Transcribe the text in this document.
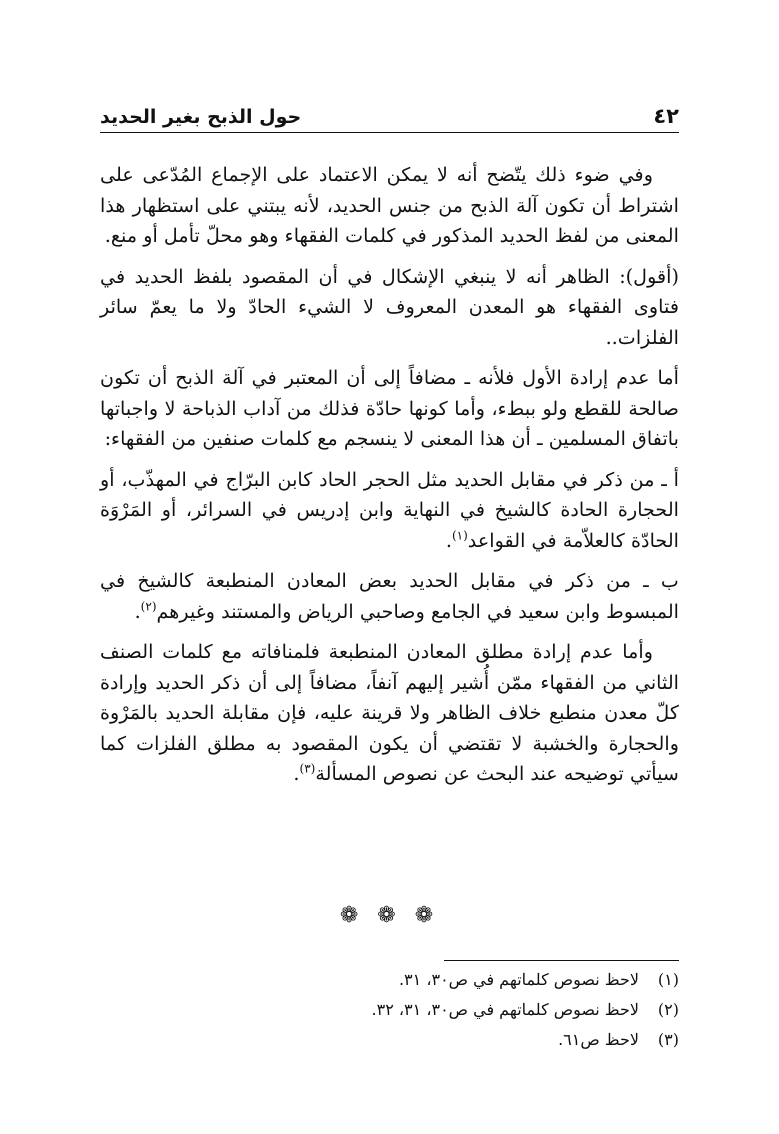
٤٢
حول الذبح بغير الحديد

وفي ضوء ذلك يتّضح أنه لا يمكن الاعتماد على الإجماع المُدّعى على اشتراط أن تكون آلة الذبح من جنس الحديد، لأنه يبتني على استظهار هذا المعنى من لفظ الحديد المذكور في كلمات الفقهاء وهو محلّ تأمل أو منع.

(أقول): الظاهر أنه لا ينبغي الإشكال في أن المقصود بلفظ الحديد في فتاوى الفقهاء هو المعدن المعروف لا الشيء الحادّ ولا ما يعمّ سائر الفلزات..

أما عدم إرادة الأول فلأنه ـ مضافاً إلى أن المعتبر في آلة الذبح أن تكون صالحة للقطع ولو ببطء، وأما كونها حادّة فذلك من آداب الذباحة لا واجباتها باتفاق المسلمين ـ أن هذا المعنى لا ينسجم مع كلمات صنفين من الفقهاء:

أ ـ من ذكر في مقابل الحديد مثل الحجر الحاد كابن البرّاج في المهذّب، أو الحجارة الحادة كالشيخ في النهاية وابن إدريس في السرائر، أو المَرْوَة الحادّة كالعلاّمة في القواعد$^{(١)}$.

ب ـ من ذكر في مقابل الحديد بعض المعادن المنطبعة كالشيخ في المبسوط وابن سعيد في الجامع وصاحبي الرياض والمستند وغيرهم$^{(٢)}$.

وأما عدم إرادة مطلق المعادن المنطبعة فلمنافاته مع كلمات الصنف الثاني من الفقهاء ممّن أُشير إليهم آنفاً، مضافاً إلى أن ذكر الحديد وإرادة كلّ معدن منطبع خلاف الظاهر ولا قرينة عليه، فإن مقابلة الحديد بالمَرْوة والحجارة والخشبة لا تقتضي أن يكون المقصود به مطلق الفلزات كما سيأتي توضيحه عند البحث عن نصوص المسألة$^{(٣)}$.

❁ ❁ ❁
(١)
لاحظ نصوص كلماتهم في ص٣٠، ٣١.
(٢)
لاحظ نصوص كلماتهم في ص٣٠، ٣١، ٣٢.
(٣)
لاحظ ص٦١.
